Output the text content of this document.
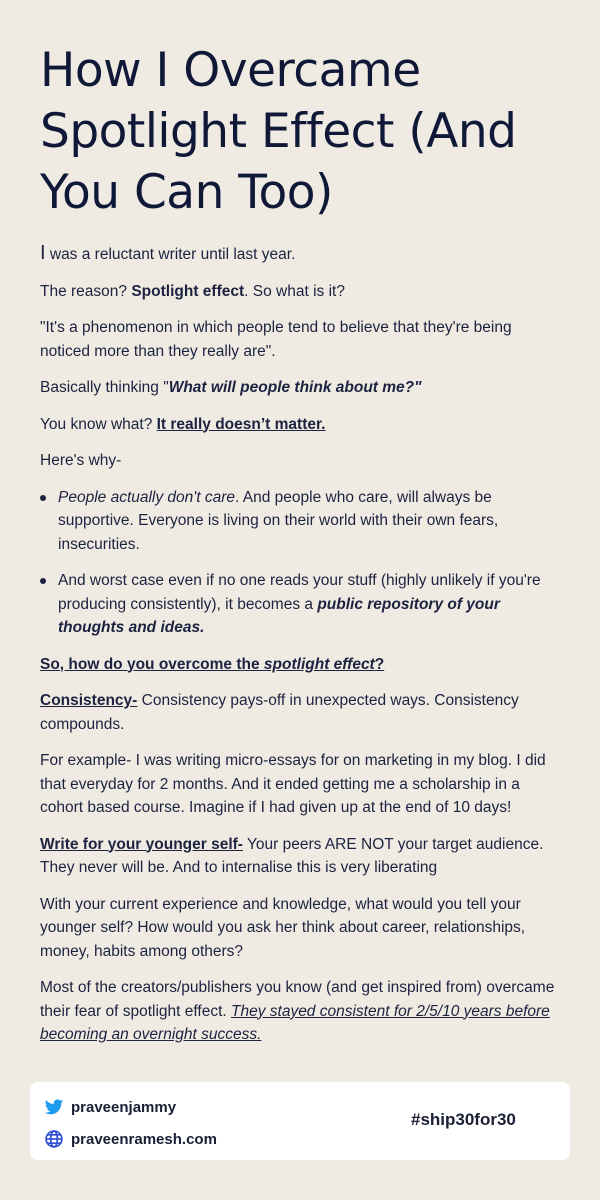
How I Overcame Spotlight Effect (And You Can Too)

I was a reluctant writer until last year.

The reason? Spotlight effect. So what is it?

"It's a phenomenon in which people tend to believe that they're being noticed more than they really are".

Basically thinking "What will people think about me?"

You know what? It really doesn’t matter.

Here's why-

People actually don't care. And people who care, will always be supportive. Everyone is living on their world with their own fears, insecurities.
And worst case even if no one reads your stuff (highly unlikely if you're producing consistently), it becomes a public repository of your thoughts and ideas.

So, how do you overcome the spotlight effect?

Consistency- Consistency pays-off in unexpected ways. Consistency compounds.

For example- I was writing micro-essays for on marketing in my blog. I did that everyday for 2 months. And it ended getting me a scholarship in a cohort based course. Imagine if I had given up at the end of 10 days!

Write for your younger self- Your peers ARE NOT your target audience. They never will be. And to internalise this is very liberating

With your current experience and knowledge, what would you tell your younger self? How would you ask her think about career, relationships, money, habits among others?

Most of the creators/publishers you know (and get inspired from) overcame their fear of spotlight effect. They stayed consistent for 2/5/10 years before becoming an overnight success.

praveenjammy
praveenramesh.com
#ship30for30
